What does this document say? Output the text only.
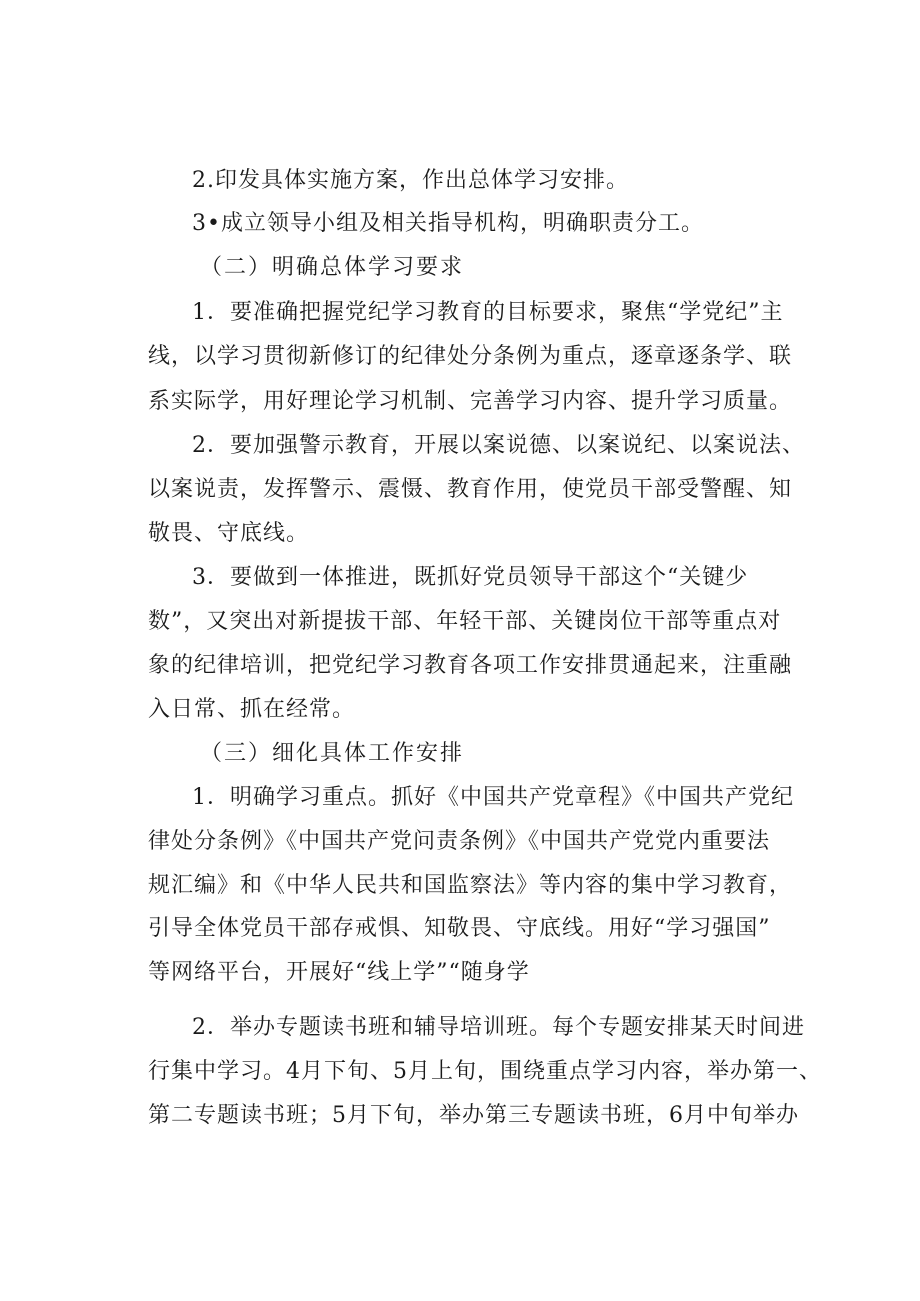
2.印发具体实施方案，作出总体学习安排。
3•成立领导小组及相关指导机构，明确职责分工。
（二）明确总体学习要求
1．要准确把握党纪学习教育的目标要求，聚焦“学党纪”主
线，以学习贯彻新修订的纪律处分条例为重点，逐章逐条学、联
系实际学，用好理论学习机制、完善学习内容、提升学习质量。
2．要加强警示教育，开展以案说德、以案说纪、以案说法、
以案说责，发挥警示、震慑、教育作用，使党员干部受警醒、知
敬畏、守底线。
3．要做到一体推进，既抓好党员领导干部这个“关键少
数”，又突出对新提拔干部、年轻干部、关键岗位干部等重点对
象的纪律培训，把党纪学习教育各项工作安排贯通起来，注重融
入日常、抓在经常。
（三）细化具体工作安排
1．明确学习重点。抓好《中国共产党章程》《中国共产党纪
律处分条例》《中国共产党问责条例》《中国共产党党内重要法
规汇编》和《中华人民共和国监察法》等内容的集中学习教育，
引导全体党员干部存戒惧、知敬畏、守底线。用好“学习强国”
等网络平台，开展好“线上学”“随身学
2．举办专题读书班和辅导培训班。每个专题安排某天时间进
行集中学习。4月下旬、5月上旬，围绕重点学习内容，举办第一、
第二专题读书班；5月下旬，举办第三专题读书班，6月中旬举办
